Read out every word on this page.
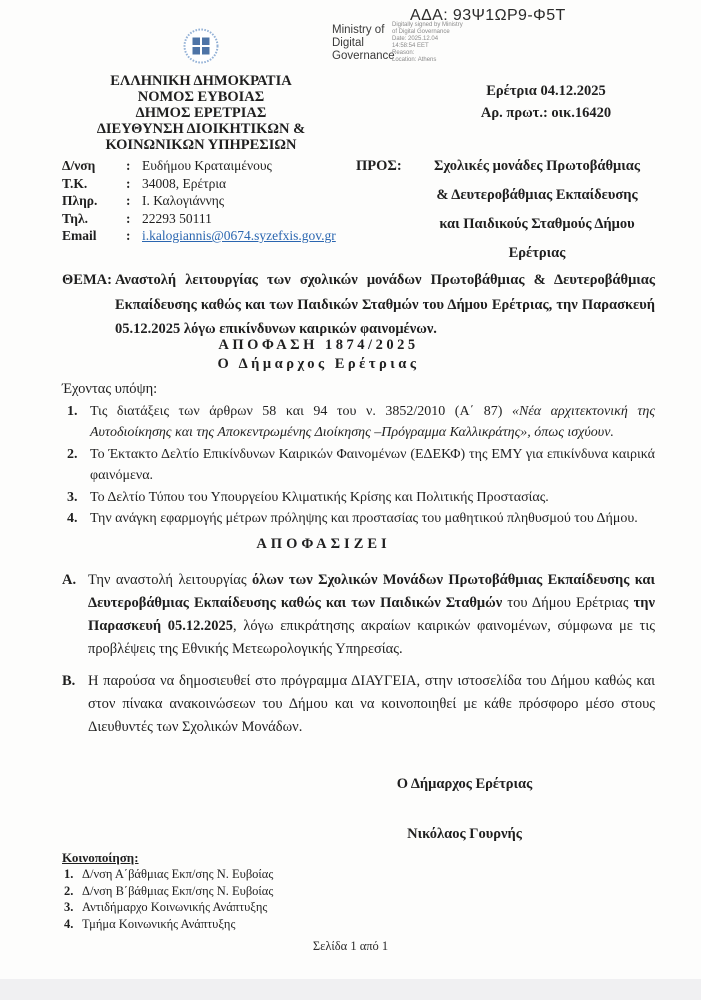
ΑΔΑ: 93Ψ1ΩΡ9-Φ5Τ
Ministry of
Digital
Governance
Digitally signed by Ministry
of Digital Governance
Date: 2025.12.04
14:58:54 EET
Reason:
Location: Athens
ΕΛΛΗΝΙΚΗ ΔΗΜΟΚΡΑΤΙΑ
ΝΟΜΟΣ ΕΥΒΟΙΑΣ
ΔΗΜΟΣ ΕΡΕΤΡΙΑΣ
ΔΙΕΥΘΥΝΣΗ ΔΙΟΙΚΗΤΙΚΩΝ &
ΚΟΙΝΩΝΙΚΩΝ ΥΠΗΡΕΣΙΩΝ
Δ/νση	: Ευδήμου Κραταιμένους
Τ.Κ.	: 34008, Ερέτρια
Πληρ.	: Ι. Καλογιάννης
Τηλ.	: 22293 50111
Email	: i.kalogiannis@0674.syzefxis.gov.gr
Ερέτρια 04.12.2025
Αρ. πρωτ.: οικ.16420
ΠΡΟΣ:	Σχολικές μονάδες Πρωτοβάθμιας
& Δευτεροβάθμιας Εκπαίδευσης
και Παιδικούς Σταθμούς Δήμου
Ερέτριας
ΘΕΜΑ: Αναστολή λειτουργίας των σχολικών μονάδων Πρωτοβάθμιας & Δευτεροβάθμιας Εκπαίδευσης καθώς και των Παιδικών Σταθμών του Δήμου Ερέτριας, την Παρασκευή 05.12.2025 λόγω επικίνδυνων καιρικών φαινομένων.
ΑΠΟΦΑΣΗ 1874/2025
Ο Δήμαρχος Ερέτριας
Έχοντας υπόψη:
1. Τις διατάξεις των άρθρων 58 και 94 του ν. 3852/2010 (Α΄ 87) «Νέα αρχιτεκτονική της Αυτοδιοίκησης και της Αποκεντρωμένης Διοίκησης –Πρόγραμμα Καλλικράτης», όπως ισχύουν.
2. Το Έκτακτο Δελτίο Επικίνδυνων Καιρικών Φαινομένων (ΕΔΕΚΦ) της ΕΜΥ για επικίνδυνα καιρικά φαινόμενα.
3. Το Δελτίο Τύπου του Υπουργείου Κλιματικής Κρίσης και Πολιτικής Προστασίας.
4. Την ανάγκη εφαρμογής μέτρων πρόληψης και προστασίας του μαθητικού πληθυσμού του Δήμου.
ΑΠΟΦΑΣΙΖΕΙ
Α. Την αναστολή λειτουργίας όλων των Σχολικών Μονάδων Πρωτοβάθμιας Εκπαίδευσης και Δευτεροβάθμιας Εκπαίδευσης καθώς και των Παιδικών Σταθμών του Δήμου Ερέτριας την Παρασκευή 05.12.2025, λόγω επικράτησης ακραίων καιρικών φαινομένων, σύμφωνα με τις προβλέψεις της Εθνικής Μετεωρολογικής Υπηρεσίας.
Β. Η παρούσα να δημοσιευθεί στο πρόγραμμα ΔΙΑΥΓΕΙΑ, στην ιστοσελίδα του Δήμου καθώς και στον πίνακα ανακοινώσεων του Δήμου και να κοινοποιηθεί με κάθε πρόσφορο μέσο στους Διευθυντές των Σχολικών Μονάδων.
Ο Δήμαρχος Ερέτριας
Νικόλαος Γουρνής
Κοινοποίηση:
1. Δ/νση Α΄βάθμιας Εκπ/σης Ν. Ευβοίας
2. Δ/νση Β΄βάθμιας Εκπ/σης Ν. Ευβοίας
3. Αντιδήμαρχο Κοινωνικής Ανάπτυξης
4. Τμήμα Κοινωνικής Ανάπτυξης
Σελίδα 1 από 1
